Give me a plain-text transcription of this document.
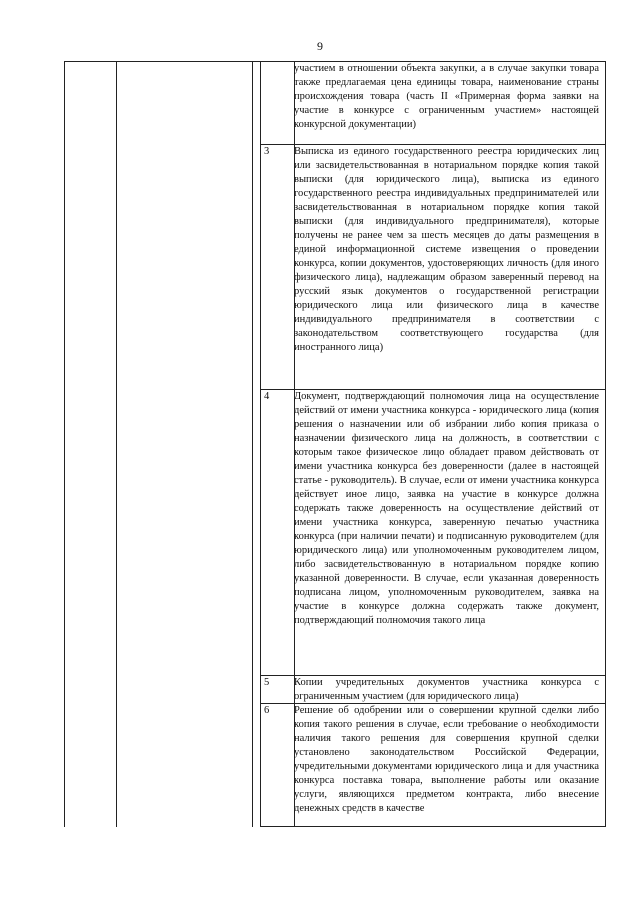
9
участием в отношении объекта закупки, а в случае закупки товара также предлагаемая цена единицы товара, наименование страны происхождения товара (часть II «Примерная форма заявки на участие в конкурсе с ограниченным участием» настоящей конкурсной документации)
3	Выписка из единого государственного реестра юридических лиц или засвидетельствованная в нотариальном порядке копия такой выписки (для юридического лица), выписка из единого государственного реестра индивидуальных предпринимателей или засвидетельствованная в нотариальном порядке копия такой выписки (для индивидуального предпринимателя), которые получены не ранее чем за шесть месяцев до даты размещения в единой информационной системе извещения о проведении конкурса, копии документов, удостоверяющих личность (для иного физического лица), надлежащим образом заверенный перевод на русский язык документов о государственной регистрации юридического лица или физического лица в качестве индивидуального предпринимателя в соответствии с законодательством соответствующего государства (для иностранного лица)
4	Документ, подтверждающий полномочия лица на осуществление действий от имени участника конкурса - юридического лица (копия решения о назначении или об избрании либо копия приказа о назначении физического лица на должность, в соответствии с которым такое физическое лицо обладает правом действовать от имени участника конкурса без доверенности (далее в настоящей статье - руководитель). В случае, если от имени участника конкурса действует иное лицо, заявка на участие в конкурсе должна содержать также доверенность на осуществление действий от имени участника конкурса, заверенную печатью участника конкурса (при наличии печати) и подписанную руководителем (для юридического лица) или уполномоченным руководителем лицом, либо засвидетельствованную в нотариальном порядке копию указанной доверенности. В случае, если указанная доверенность подписана лицом, уполномоченным руководителем, заявка на участие в конкурсе должна содержать также документ, подтверждающий полномочия такого лица
5	Копии учредительных документов участника конкурса с ограниченным участием (для юридического лица)
6	Решение об одобрении или о совершении крупной сделки либо копия такого решения в случае, если требование о необходимости наличия такого решения для совершения крупной сделки установлено законодательством Российской Федерации, учредительными документами юридического лица и для участника конкурса поставка товара, выполнение работы или оказание услуги, являющихся предметом контракта, либо внесение денежных средств в качестве
